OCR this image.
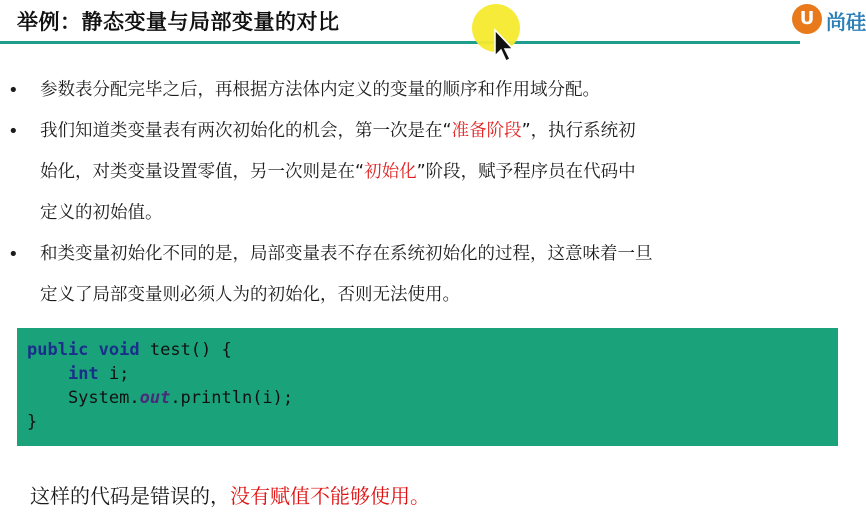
举例：静态变量与局部变量的对比	U 尚硅
• 参数表分配完毕之后，再根据方法体内定义的变量的顺序和作用域分配。
• 我们知道类变量表有两次初始化的机会，第一次是在“准备阶段”，执行系统初
始化，对类变量设置零值，另一次则是在“初始化”阶段，赋予程序员在代码中
定义的初始值。
• 和类变量初始化不同的是，局部变量表不存在系统初始化的过程，这意味着一旦
定义了局部变量则必须人为的初始化，否则无法使用。
public void test() {
int i;
System.out.println(i);
}
这样的代码是错误的，没有赋值不能够使用。
